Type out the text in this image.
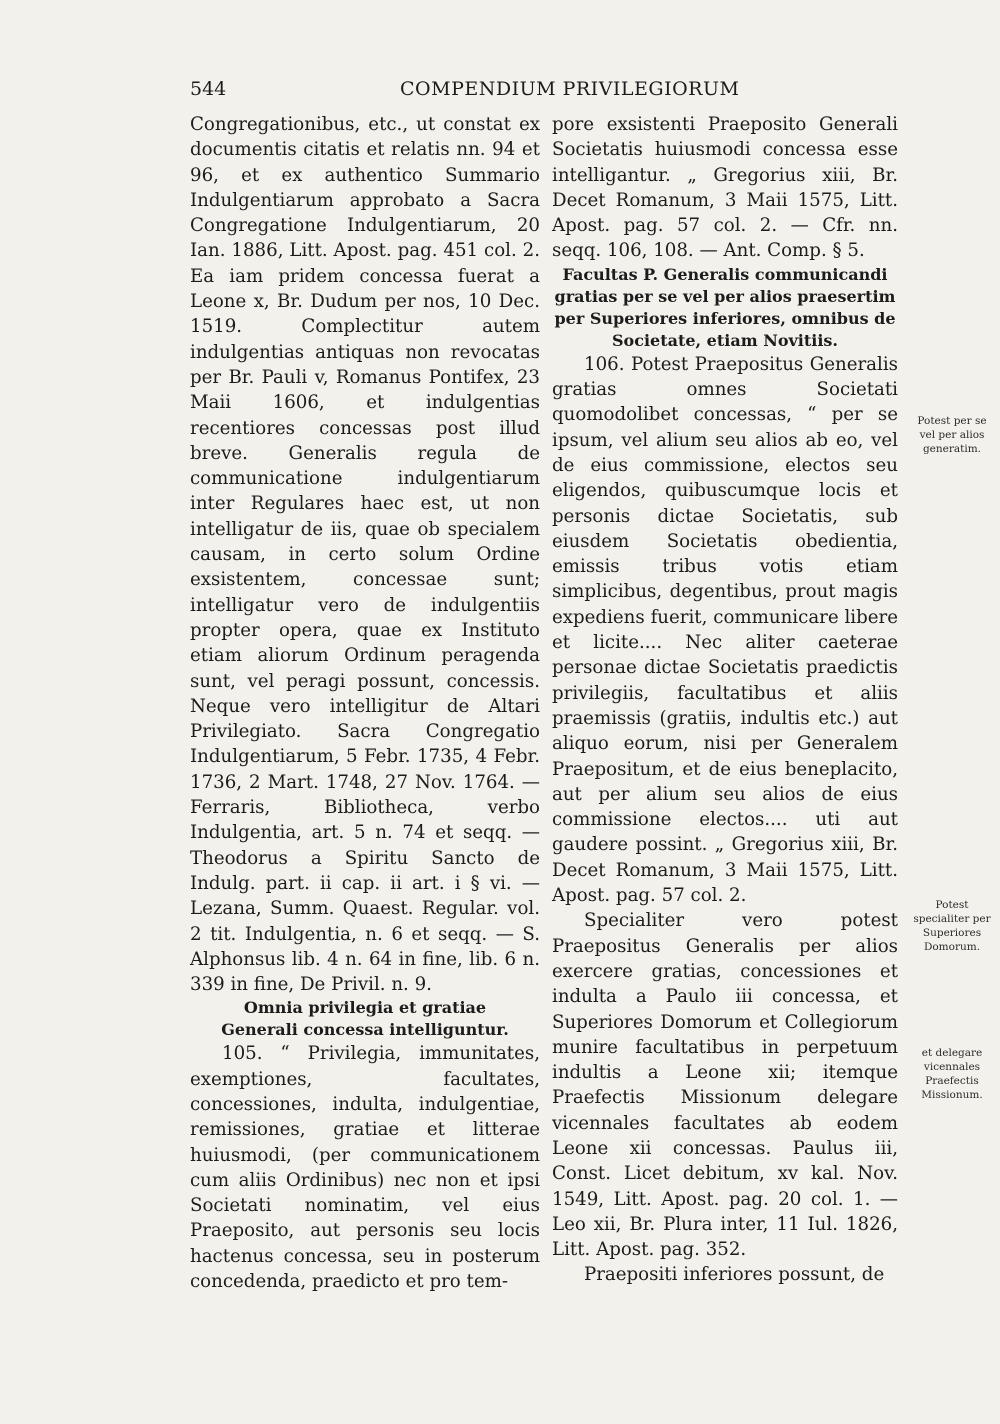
544	COMPENDIUM PRIVILEGIORUM

Congregationibus, etc., ut constat ex documentis citatis et relatis nn. 94 et 96, et ex authentico Summario Indulgentiarum approbato a Sacra Congregatione Indulgentiarum, 20 Ian. 1886, Litt. Apost. pag. 451 col. 2. Ea iam pridem concessa fuerat a Leone x, Br. Dudum per nos, 10 Dec. 1519. Complectitur autem indulgentias antiquas non revocatas per Br. Pauli v, Romanus Pontifex, 23 Maii 1606, et indulgentias recentiores concessas post illud breve. Generalis regula de communicatione indulgentiarum inter Regulares haec est, ut non intelligatur de iis, quae ob specialem causam, in certo solum Ordine exsistentem, concessae sunt; intelligatur vero de indulgentiis propter opera, quae ex Instituto etiam aliorum Ordinum peragenda sunt, vel peragi possunt, concessis. Neque vero intelligitur de Altari Privilegiato. Sacra Congregatio Indulgentiarum, 5 Febr. 1735, 4 Febr. 1736, 2 Mart. 1748, 27 Nov. 1764. — Ferraris, Bibliotheca, verbo Indulgentia, art. 5 n. 74 et seqq. — Theodorus a Spiritu Sancto de Indulg. part. ii cap. ii art. i § vi. — Lezana, Summ. Quaest. Regular. vol. 2 tit. Indulgentia, n. 6 et seqq. — S. Alphonsus lib. 4 n. 64 in fine, lib. 6 n. 339 in fine, De Privil. n. 9.

Omnia privilegia et gratiae Generali concessa intelliguntur.

105. “ Privilegia, immunitates, exemptiones, facultates, concessiones, indulta, indulgentiae, remissiones, gratiae et litterae huiusmodi, (per communicationem cum aliis Ordinibus) nec non et ipsi Societati nominatim, vel eius Praeposito, aut personis seu locis hactenus concessa, seu in posterum concedenda, praedicto et pro tem-

pore exsistenti Praeposito Generali Societatis huiusmodi concessa esse intelligantur. „ Gregorius xiii, Br. Decet Romanum, 3 Maii 1575, Litt. Apost. pag. 57 col. 2. — Cfr. nn. seqq. 106, 108. — Ant. Comp. § 5.

Facultas P. Generalis communicandi gratias per se vel per alios praesertim per Superiores inferiores, omnibus de Societate, etiam Novitiis.

106. Potest Praepositus Generalis gratias omnes Societati quomodolibet concessas, “ per se ipsum, vel alium seu alios ab eo, vel de eius commissione, electos seu eligendos, quibuscumque locis et personis dictae Societatis, sub eiusdem Societatis obedientia, emissis tribus votis etiam simplicibus, degentibus, prout magis expediens fuerit, communicare libere et licite.... Nec aliter caeterae personae dictae Societatis praedictis privilegiis, facultatibus et aliis praemissis (gratiis, indultis etc.) aut aliquo eorum, nisi per Generalem Praepositum, et de eius beneplacito, aut per alium seu alios de eius commissione electos.... uti aut gaudere possint. „ Gregorius xiii, Br. Decet Romanum, 3 Maii 1575, Litt. Apost. pag. 57 col. 2.

Specialiter vero potest Praepositus Generalis per alios exercere gratias, concessiones et indulta a Paulo iii concessa, et Superiores Domorum et Collegiorum munire facultatibus in perpetuum indultis a Leone xii; itemque Praefectis Missionum delegare vicennales facultates ab eodem Leone xii concessas. Paulus iii, Const. Licet debitum, xv kal. Nov. 1549, Litt. Apost. pag. 20 col. 1. — Leo xii, Br. Plura inter, 11 Iul. 1826, Litt. Apost. pag. 352.

Praepositi inferiores possunt, de

Potest per se vel per alios generatim.
Potest specialiter per Superiores Domorum.
et delegare vicennales Praefectis Missionum.
